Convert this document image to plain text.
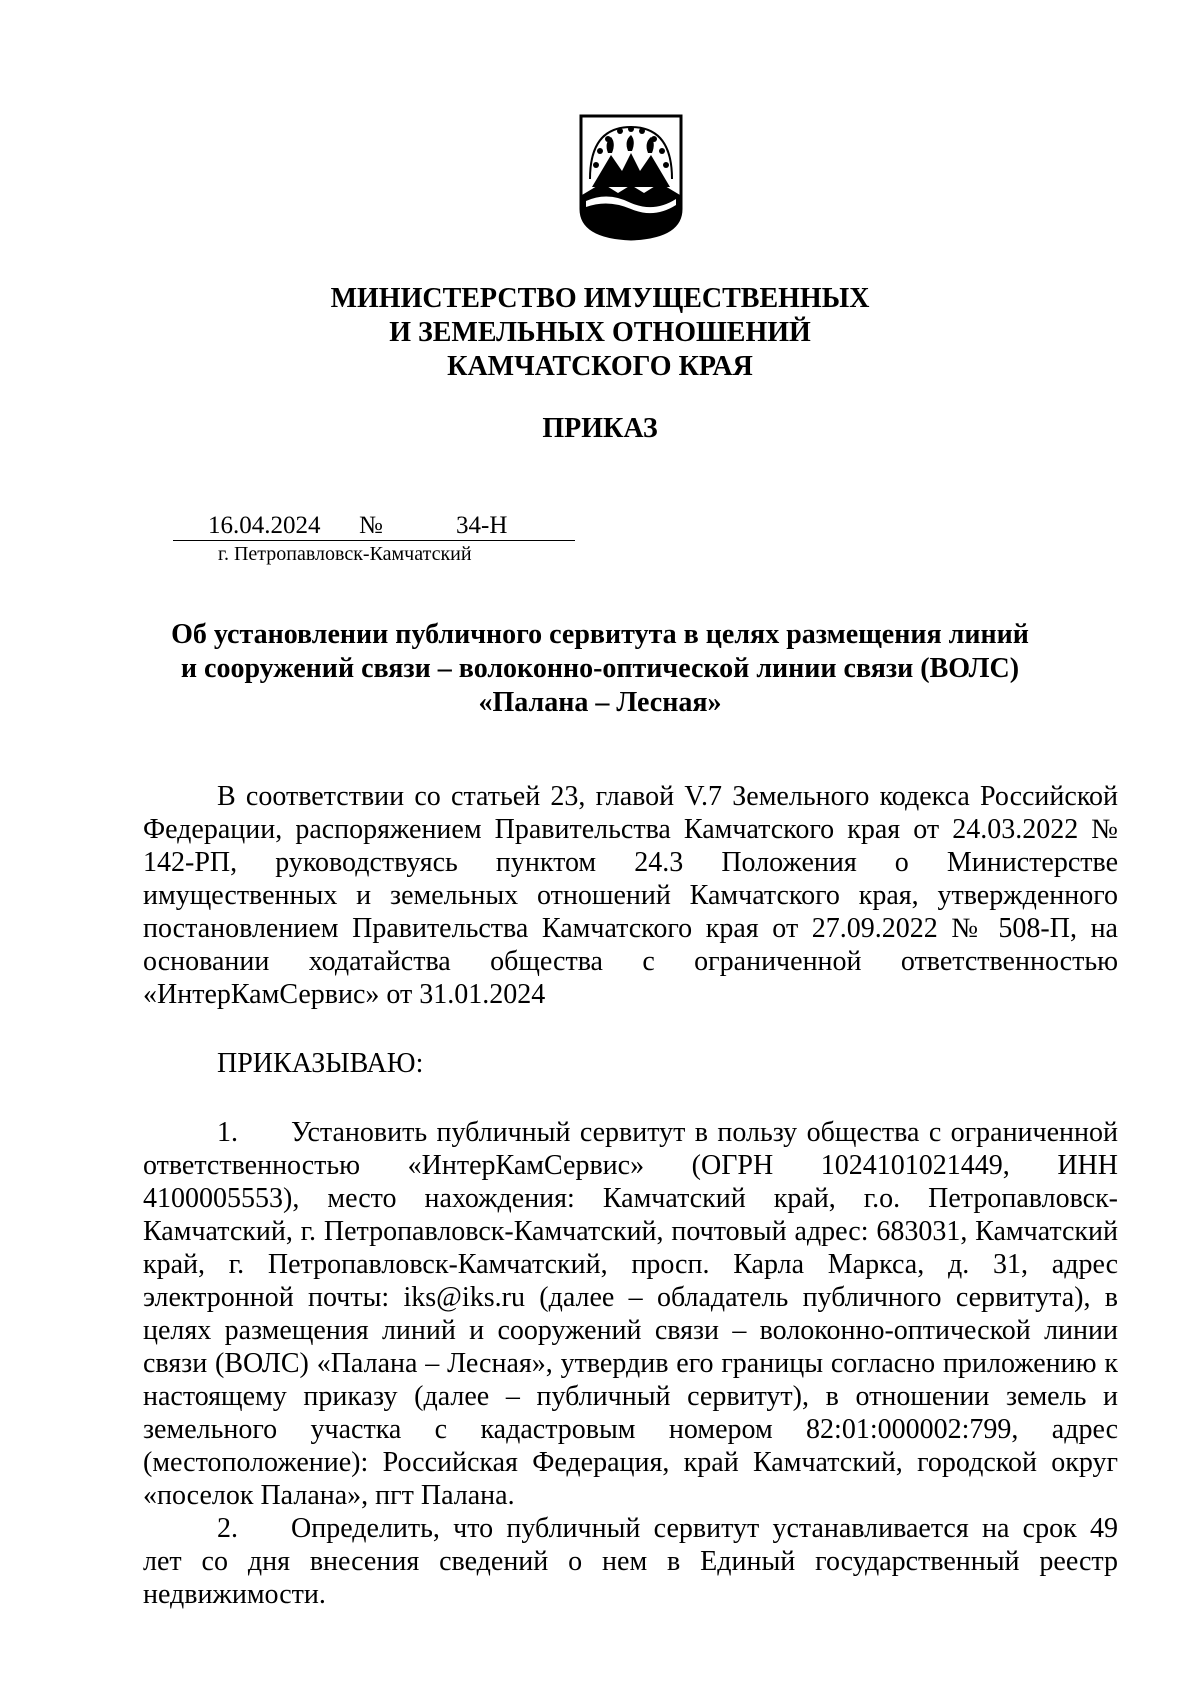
МИНИСТЕРСТВО ИМУЩЕСТВЕННЫХ
И ЗЕМЕЛЬНЫХ ОТНОШЕНИЙ
КАМЧАТСКОГО КРАЯ
ПРИКАЗ
16.04.2024 №	34-Н
г. Петропавловск-Камчатский
Об установлении публичного сервитута в целях размещения линий
и сооружений связи – волоконно-оптической линии связи (ВОЛС)
«Палана – Лесная»

В соответствии со статьей 23, главой V.7 Земельного кодекса Российской Федерации, распоряжением Правительства Камчатского края от 24.03.2022 № 142-РП, руководствуясь пунктом 24.3 Положения о Министерстве имущественных и земельных отношений Камчатского края, утвержденного постановлением Правительства Камчатского края от 27.09.2022 № 508-П, на основании ходатайства общества с ограниченной ответственностью «ИнтерКамСервис» от 31.01.2024

ПРИКАЗЫВАЮ:

1. Установить публичный сервитут в пользу общества с ограниченной ответственностью «ИнтерКамСервис» (ОГРН 1024101021449, ИНН 4100005553), место нахождения: Камчатский край, г.о. Петропавловск-Камчатский, г. Петропавловск-Камчатский, почтовый адрес: 683031, Камчатский край, г. Петропавловск-Камчатский, просп. Карла Маркса, д. 31, адрес электронной почты: iks@iks.ru (далее – обладатель публичного сервитута), в целях размещения линий и сооружений связи – волоконно-оптической линии связи (ВОЛС) «Палана – Лесная», утвердив его границы согласно приложению к настоящему приказу (далее – публичный сервитут), в отношении земель и земельного участка с кадастровым номером 82:01:000002:799, адрес (местоположение): Российская Федерация, край Камчатский, городской округ «поселок Палана», пгт Палана.

2. Определить, что публичный сервитут устанавливается на срок 49 лет со дня внесения сведений о нем в Единый государственный реестр недвижимости.
